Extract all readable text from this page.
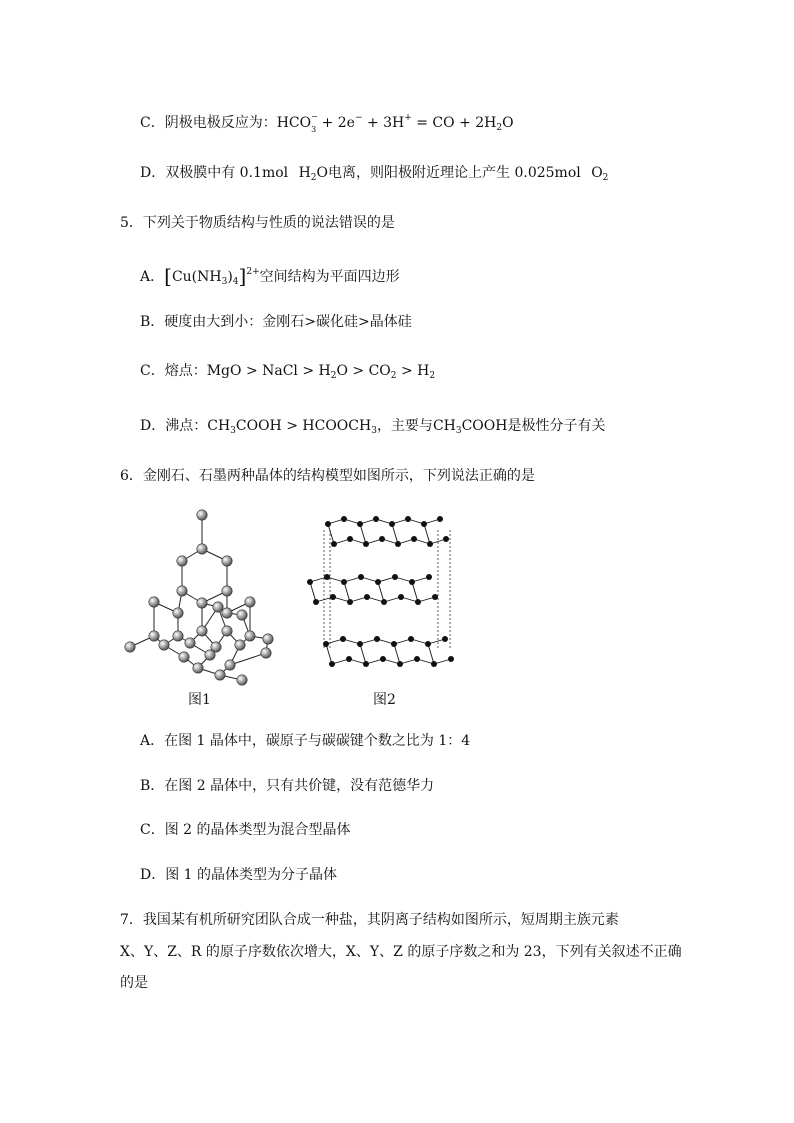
C．阴极电极反应为：HCO −
3 + 2e− + 3H+ = CO + $2H_2O$
D．双极膜中有 0.1mol $H_2O$电离，则阳极附近理论上产生 0.025mol $O_2$
5．下列关于物质结构与性质的说法错误的是
A．$[Cu(NH_3)_4]^{2+}$空间结构为平面四边形
B．硬度由大到小：金刚石>碳化硅>晶体硅
C．熔点：MgO > NaCl > $H_2O > CO_2 > H_2$
D．沸点：$CH_3COOH$ > $HCOOCH_3$，主要与$CH_3COOH$是极性分子有关
6．金刚石、石墨两种晶体的结构模型如图所示，下列说法正确的是
图1	图2
A．在图 1 晶体中，碳原子与碳碳键个数之比为 1：4
B．在图 2 晶体中，只有共价键，没有范德华力
C．图 2 的晶体类型为混合型晶体
D．图 1 的晶体类型为分子晶体
7．我国某有机所研究团队合成一种盐，其阴离子结构如图所示，短周期主族元素
X、Y、Z、R 的原子序数依次增大，X、Y、Z 的原子序数之和为 23，下列有关叙述不正确
的是
